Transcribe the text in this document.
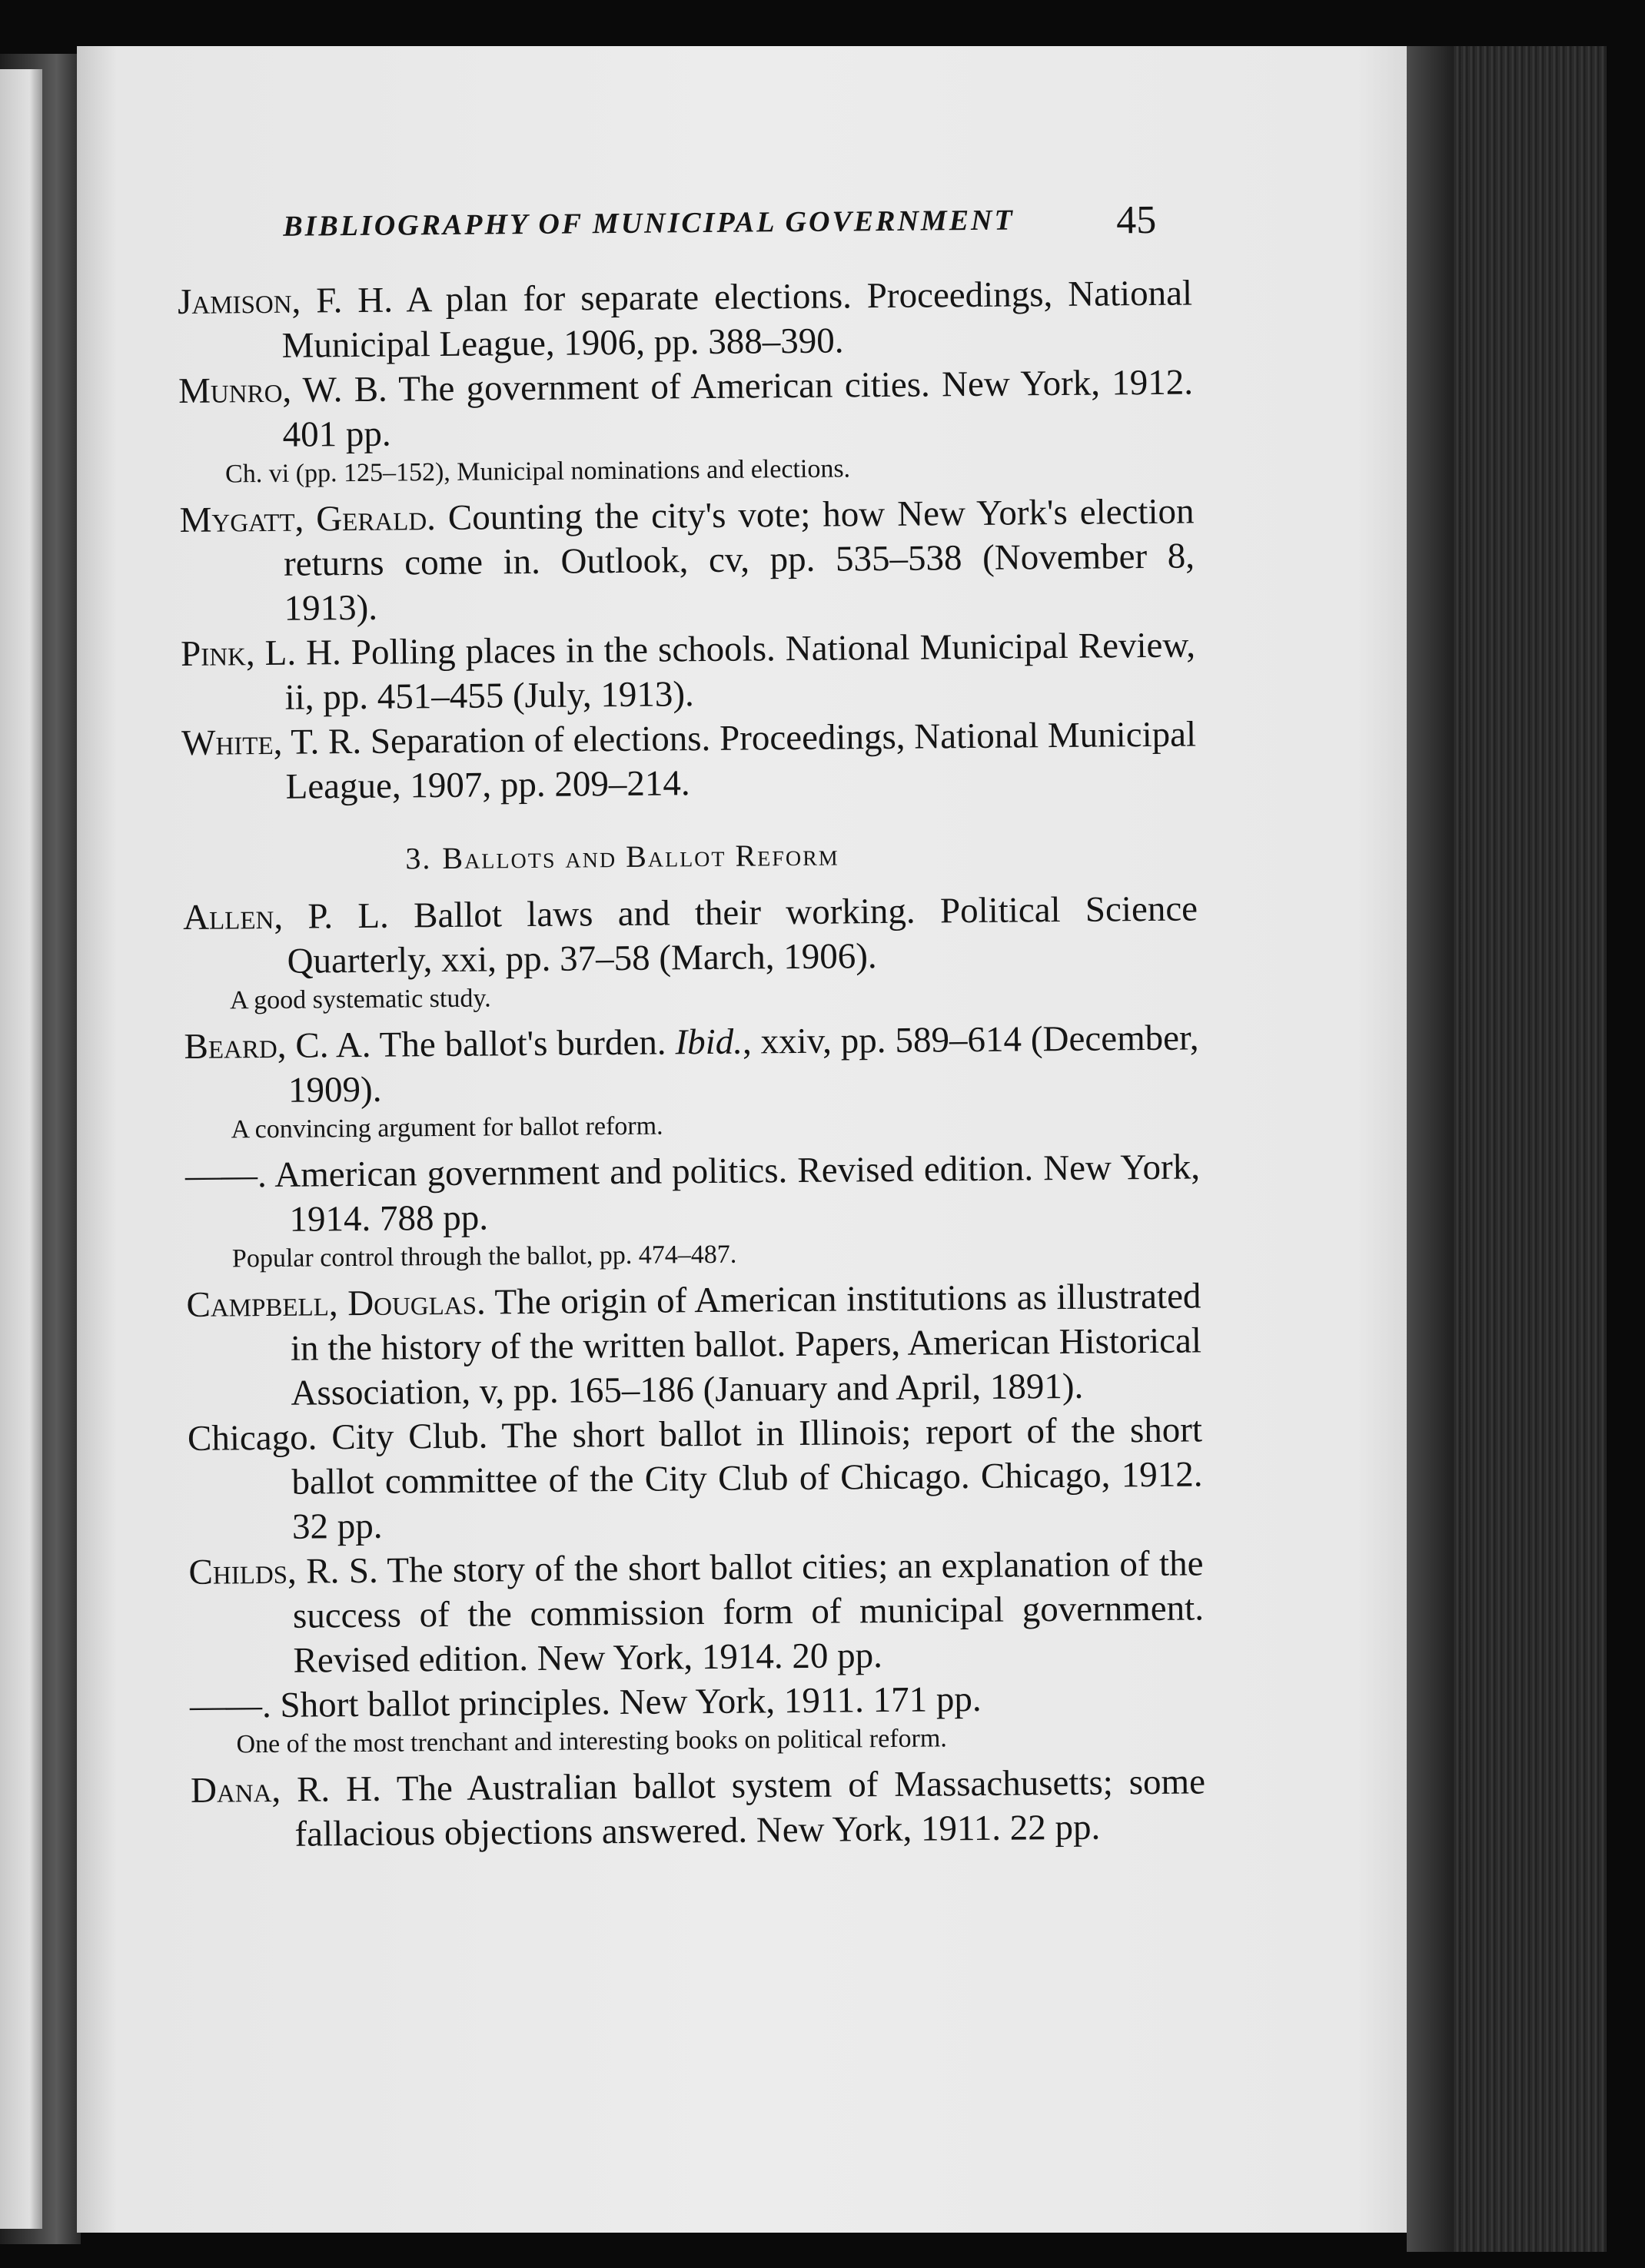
BIBLIOGRAPHY OF MUNICIPAL GOVERNMENT	45

Jamison, F. H. A plan for separate elections. Proceedings, National Municipal League, 1906, pp. 388–390.

Munro, W. B. The government of American cities. New York, 1912. 401 pp.

Ch. vi (pp. 125–152), Municipal nominations and elections.

Mygatt, Gerald. Counting the city's vote; how New York's election returns come in. Outlook, cv, pp. 535–538 (November 8, 1913).

Pink, L. H. Polling places in the schools. National Municipal Review, ii, pp. 451–455 (July, 1913).

White, T. R. Separation of elections. Proceedings, National Municipal League, 1907, pp. 209–214.

3. Ballots and Ballot Reform

Allen, P. L. Ballot laws and their working. Political Science Quarterly, xxi, pp. 37–58 (March, 1906).

A good systematic study.

Beard, C. A. The ballot's burden. Ibid., xxiv, pp. 589–614 (December, 1909).

A convincing argument for ballot reform.

——. American government and politics. Revised edition. New York, 1914. 788 pp.

Popular control through the ballot, pp. 474–487.

Campbell, Douglas. The origin of American institutions as illustrated in the history of the written ballot. Papers, American Historical Association, v, pp. 165–186 (January and April, 1891).

Chicago. City Club. The short ballot in Illinois; report of the short ballot committee of the City Club of Chicago. Chicago, 1912. 32 pp.

Childs, R. S. The story of the short ballot cities; an explanation of the success of the commission form of municipal government. Revised edition. New York, 1914. 20 pp.

——. Short ballot principles. New York, 1911. 171 pp.

One of the most trenchant and interesting books on political reform.

Dana, R. H. The Australian ballot system of Massachusetts; some fallacious objections answered. New York, 1911. 22 pp.
